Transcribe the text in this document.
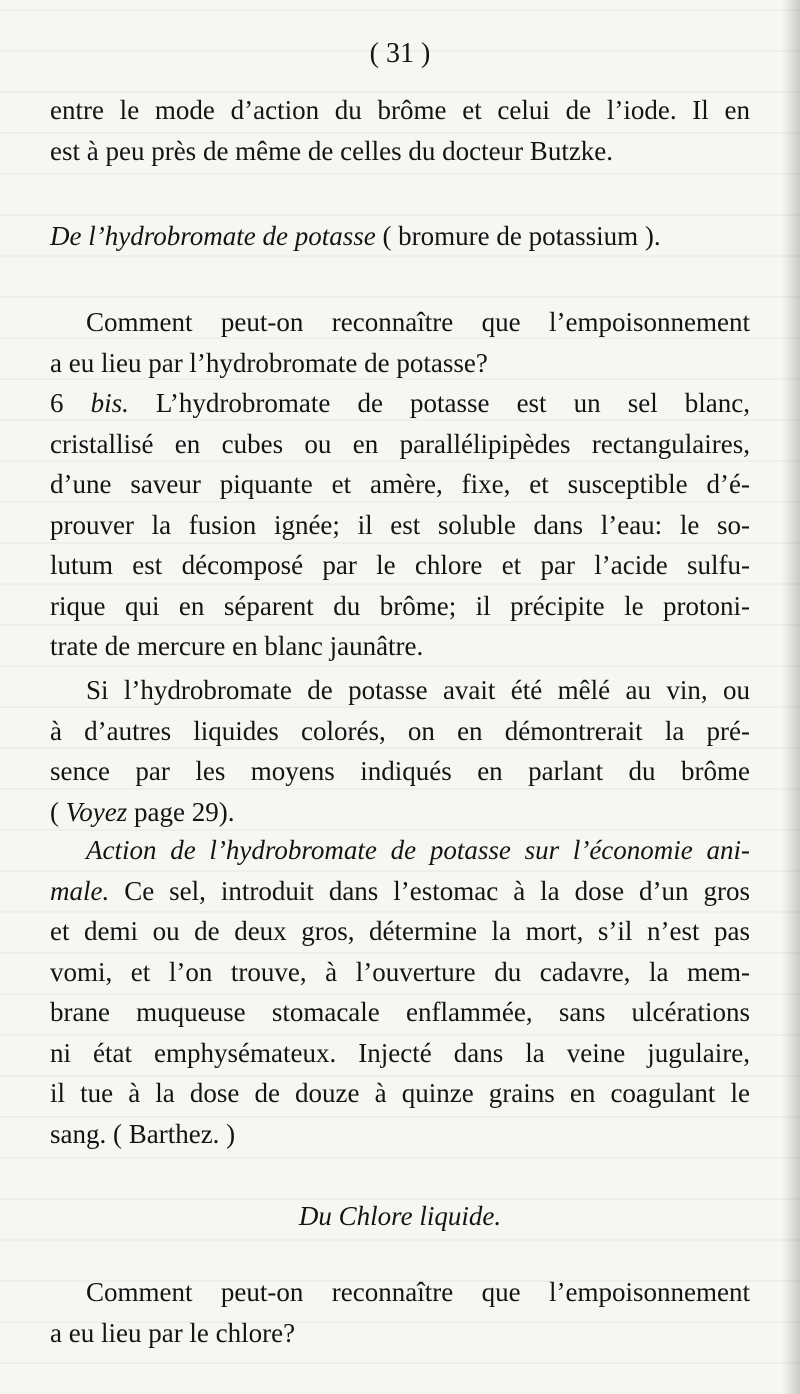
( 31 )
entre le mode d’action du brôme et celui de l’iode. Il en
est à peu près de même de celles du docteur Butzke.
De l’hydrobromate de potasse ( bromure de potassium ).
Comment peut-on reconnaître que l’empoisonnement
a eu lieu par l’hydrobromate de potasse?
6 bis. L’hydrobromate de potasse est un sel blanc,
cristallisé en cubes ou en parallélipipèdes rectangulaires,
d’une saveur piquante et amère, fixe, et susceptible d’é-
prouver la fusion ignée; il est soluble dans l’eau: le so-
lutum est décomposé par le chlore et par l’acide sulfu-
rique qui en séparent du brôme; il précipite le protoni-
trate de mercure en blanc jaunâtre.
Si l’hydrobromate de potasse avait été mêlé au vin, ou
à d’autres liquides colorés, on en démontrerait la pré-
sence par les moyens indiqués en parlant du brôme
( Voyez page 29).
Action de l’hydrobromate de potasse sur l’économie ani-
male. Ce sel, introduit dans l’estomac à la dose d’un gros
et demi ou de deux gros, détermine la mort, s’il n’est pas
vomi, et l’on trouve, à l’ouverture du cadavre, la mem-
brane muqueuse stomacale enflammée, sans ulcérations
ni état emphysémateux. Injecté dans la veine jugulaire,
il tue à la dose de douze à quinze grains en coagulant le
sang. ( Barthez. )
Du Chlore liquide.
Comment peut-on reconnaître que l’empoisonnement
a eu lieu par le chlore?
